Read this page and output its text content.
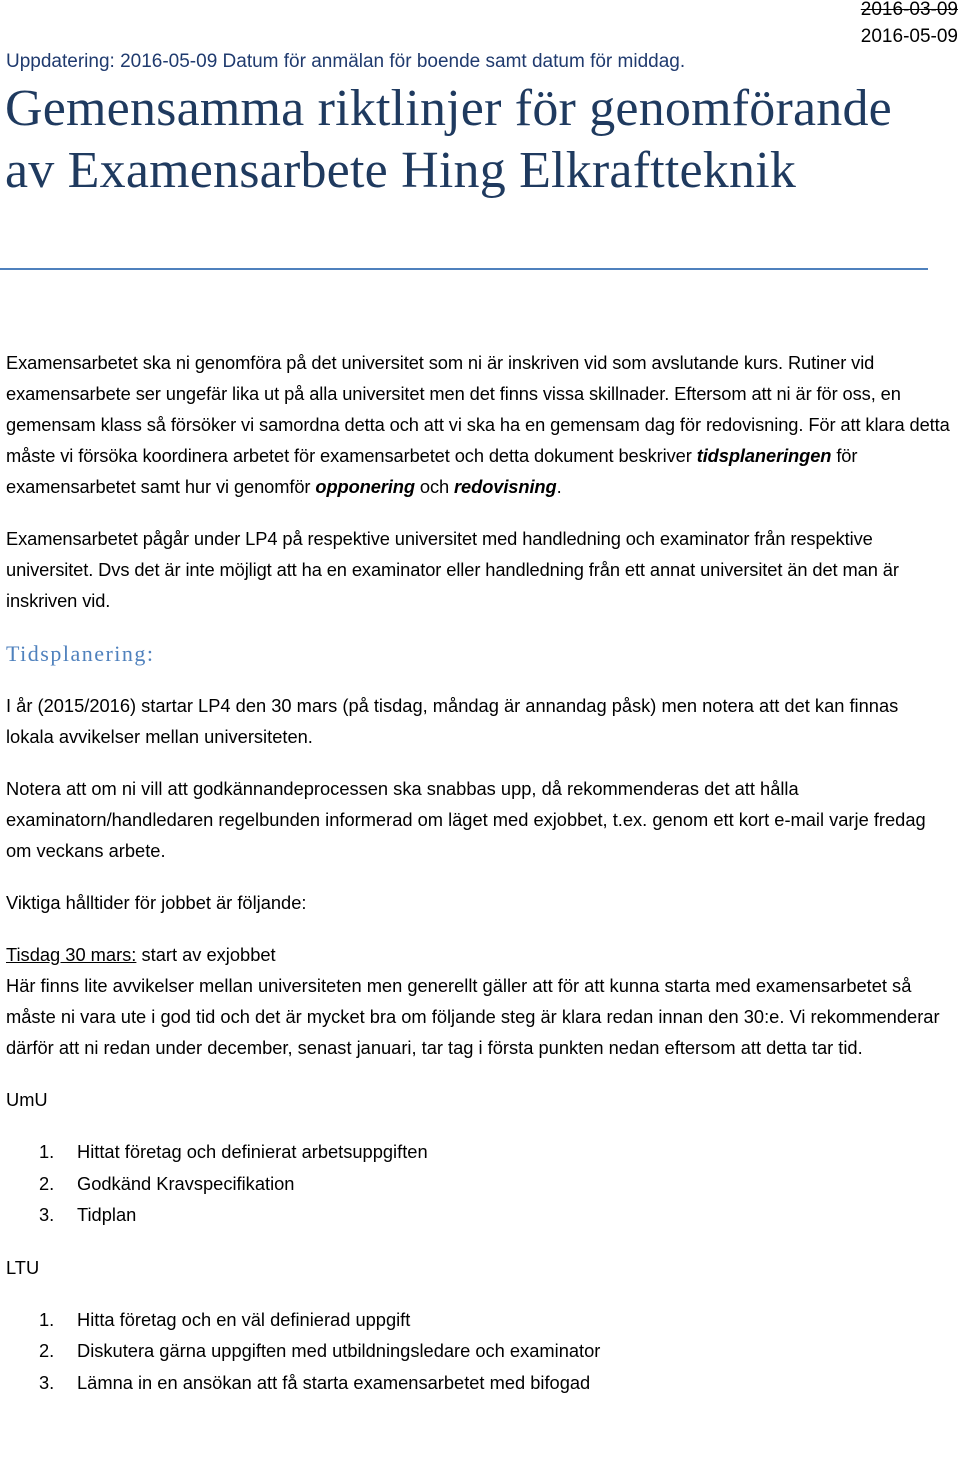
2016-03-09
2016-05-09
Uppdatering: 2016-05-09 Datum för anmälan för boende samt datum för middag.
Gemensamma riktlinjer för genomförande av Examensarbete Hing Elkraftteknik

Examensarbetet ska ni genomföra på det universitet som ni är inskriven vid som avslutande kurs. Rutiner vid examensarbete ser ungefär lika ut på alla universitet men det finns vissa skillnader. Eftersom att ni är för oss, en gemensam klass så försöker vi samordna detta och att vi ska ha en gemensam dag för redovisning. För att klara detta måste vi försöka koordinera arbetet för examensarbetet och detta dokument beskriver tidsplaneringen för examensarbetet samt hur vi genomför opponering och redovisning.

Examensarbetet pågår under LP4 på respektive universitet med handledning och examinator från respektive universitet. Dvs det är inte möjligt att ha en examinator eller handledning från ett annat universitet än det man är inskriven vid.

Tidsplanering:

I år (2015/2016) startar LP4 den 30 mars (på tisdag, måndag är annandag påsk) men notera att det kan finnas lokala avvikelser mellan universiteten.

Notera att om ni vill att godkännandeprocessen ska snabbas upp, då rekommenderas det att hålla examinatorn/handledaren regelbunden informerad om läget med exjobbet, t.ex. genom ett kort e-mail varje fredag om veckans arbete.

Viktiga hålltider för jobbet är följande:

Tisdag 30 mars: start av exjobbet
Här finns lite avvikelser mellan universiteten men generellt gäller att för att kunna starta med examensarbetet så måste ni vara ute i god tid och det är mycket bra om följande steg är klara redan innan den 30:e. Vi rekommenderar därför att ni redan under december, senast januari, tar tag i första punkten nedan eftersom att detta tar tid.

UmU

1. Hittat företag och definierat arbetsuppgiften
2. Godkänd Kravspecifikation
3. Tidplan

LTU

1. Hitta företag och en väl definierad uppgift
2. Diskutera gärna uppgiften med utbildningsledare och examinator
3. Lämna in en ansökan att få starta examensarbetet med bifogad
